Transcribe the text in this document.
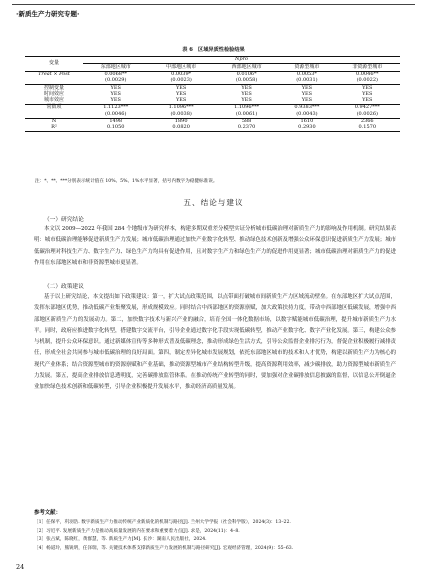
·新质生产力研究专题·
表 6　区域异质性检验结果
变量	Npro				
	东部地区城市	中部地区城市	西部地区城市	资源型城市	非资源型城市
Treat × Post	0.0068**	0.0039*	0.0106*	0.0053*	0.0046**
	(0.0029)	(0.0023)	(0.0058)	(0.0031)	(0.0022)
控制变量	YES	YES	YES	YES	YES
时间效应	YES	YES	YES	YES	YES
城市效应	YES	YES	YES	YES	YES
常数项	1.1123***	1.1096***	1.1096***	0.9383***	0.9427***
	(0.0046)	(0.0038)	(0.0061)	(0.0043)	(0.0026)
N	1498	1890	588	1610	2366
R²	0.1050	0.0820	0.2370	0.2930	0.1570
注：*、**、***分别表示统计值在 10%、5%、1%水平显著，括号内数字为稳健标准误。
五、结论与建议
（一）研究结论

本文以 2009—2022 年我国 284 个地级市为研究样本，构建多期双重差分模型实证分析城市低碳治理对新质生产力的影响及作用机制。研究结果表明：城市低碳治理能够促进新质生产力发展；城市低碳治理通过加快产业数字化转型、推动绿色技术创新及增强公众环保意识促进新质生产力发展；城市低碳治理对科技生产力、数字生产力、绿色生产力均具有促进作用，且对数字生产力和绿色生产力的促进作用更显著；城市低碳治理对新质生产力的促进作用在东部地区城市和非资源型城市更显著。

（二）政策建议

基于以上研究结论，本文提出如下政策建议：第一，扩大试点政策范围，以点带面打破城市间新质生产力区域流动壁垒。在东部地区扩大试点范围，发挥东部地区优势，推动低碳产业集聚发展，形成规模效应。同时结合中西部地区的资源禀赋，加大政策扶持力度，带动中西部地区低碳发展，增强中西部地区新质生产力的发展动力。第二，加快数字技术与新兴产业的融合，培育全国一体化数据市场，以数字赋能城市低碳治理，提升城市新质生产力水平。同时，政府应推进数字化转型，搭建数字交流平台，引导企业通过数字化手段实现低碳转型，推动产业数字化、数字产业化发展。第三，构建公众参与机制，提升公众环保意识。通过新媒体宣传等多种形式普及低碳理念，推动形成绿色生活方式，引导公众监督企业排污行为，督促企业积极履行减排责任，形成全社会共同参与城市低碳治理的良好局面。第四，制定差异化城市发展规划，依托东部地区城市的技术和人才优势，构建以新质生产力为核心的现代产业体系；结合资源型城市的资源禀赋和产业基础，推动资源型城市产业结构转型升级，提高资源利用效率，减少碳排放，助力资源型城市新质生产力发展。第五，提高企业排放信息透明度，完善碳排放监管体系。在推动传统产业转型的同时，要加强对企业碳排放信息披露的监督，以信息公开倒逼企业加快绿色技术创新和低碳转型，引导企业积极提升发展水平，推动经济高质量发展。

参考文献：
［1］任保平，巩羽浩. 数字新质生产力推动传统产业新质化的机制与路径[J]. 兰州大学学报（社会科学版），2024(3)：13–22.
［2］习近平. 发展新质生产力是推动高质量发展的内在要求和重要着力点[J]. 求是，2024(11)：4–8.
［3］张占斌，陈晓红，黄群慧，等. 新质生产力[M]. 长沙：湖南人民出版社，2024.
［4］杨道玲，熊锐明，任泽瑞，等. 关键技术体系支撑新质生产力发展的机制与路径研究[J]. 宏观经济管理，2024(9)：55–63.
24
